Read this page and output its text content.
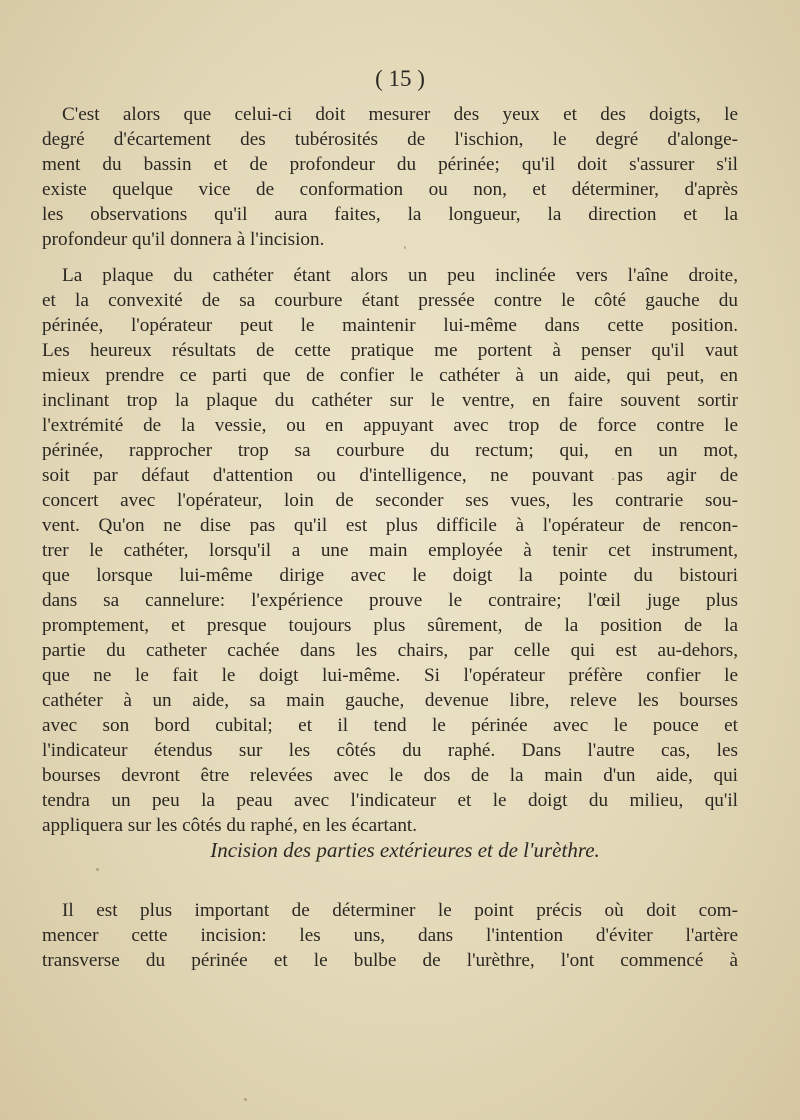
( 15 )
C'est alors que celui-ci doit mesurer des yeux et des doigts, le
degré d'écartement des tubérosités de l'ischion, le degré d'alonge-
ment du bassin et de profondeur du périnée; qu'il doit s'assurer s'il
existe quelque vice de conformation ou non, et déterminer, d'après
les observations qu'il aura faites, la longueur, la direction et la
profondeur qu'il donnera à l'incision.
La plaque du cathéter étant alors un peu inclinée vers l'aîne droite,
et la convexité de sa courbure étant pressée contre le côté gauche du
périnée, l'opérateur peut le maintenir lui-même dans cette position.
Les heureux résultats de cette pratique me portent à penser qu'il vaut
mieux prendre ce parti que de confier le cathéter à un aide, qui peut, en
inclinant trop la plaque du cathéter sur le ventre, en faire souvent sortir
l'extrémité de la vessie, ou en appuyant avec trop de force contre le
périnée, rapprocher trop sa courbure du rectum; qui, en un mot,
soit par défaut d'attention ou d'intelligence, ne pouvant pas agir de
concert avec l'opérateur, loin de seconder ses vues, les contrarie sou-
vent. Qu'on ne dise pas qu'il est plus difficile à l'opérateur de rencon-
trer le cathéter, lorsqu'il a une main employée à tenir cet instrument,
que lorsque lui-même dirige avec le doigt la pointe du bistouri
dans sa cannelure: l'expérience prouve le contraire; l'œil juge plus
promptement, et presque toujours plus sûrement, de la position de la
partie du catheter cachée dans les chairs, par celle qui est au-dehors,
que ne le fait le doigt lui-même. Si l'opérateur préfère confier le
cathéter à un aide, sa main gauche, devenue libre, releve les bourses
avec son bord cubital; et il tend le périnée avec le pouce et
l'indicateur étendus sur les côtés du raphé. Dans l'autre cas, les
bourses devront être relevées avec le dos de la main d'un aide, qui
tendra un peu la peau avec l'indicateur et le doigt du milieu, qu'il
appliquera sur les côtés du raphé, en les écartant.
Incision des parties extérieures et de l'urèthre.
Il est plus important de déterminer le point précis où doit com-
mencer cette incision: les uns, dans l'intention d'éviter l'artère
transverse du périnée et le bulbe de l'urèthre, l'ont commencé à
